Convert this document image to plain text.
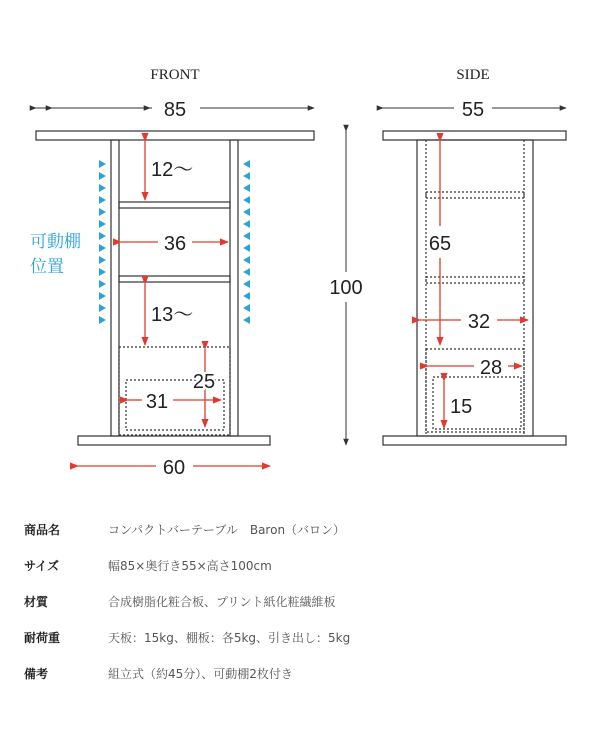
FRONT	SIDE
85
可動棚
位置
12〜
36
13〜
25
31
60
100
55
65
32
28
15
商品名	コンパクトバーテーブル　Baron（バロン）
サイズ	幅85×奥行き55×高さ100cm
材質	合成樹脂化粧合板、プリント紙化粧繊維板
耐荷重	天板：15kg、棚板：各5kg、引き出し：5kg
備考	組立式（約45分）、可動棚2枚付き
